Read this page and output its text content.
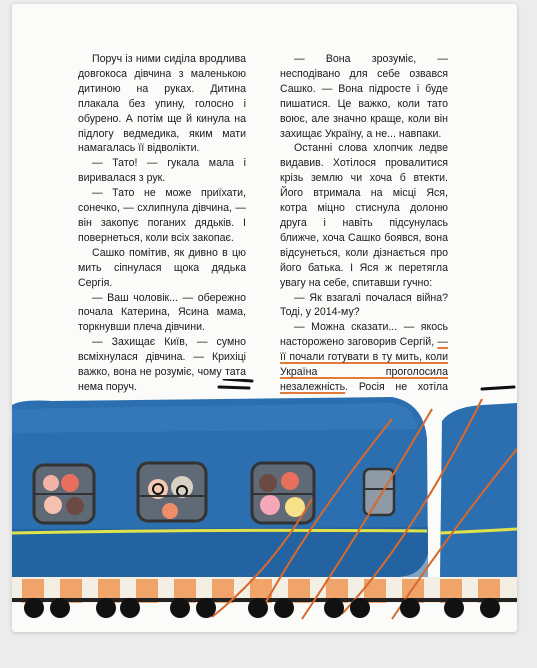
Поруч із ними сиділа вродлива довгокоса дівчина з маленькою дитиною на руках. Дитина плакала без упину, голосно і обурено. А потім ще й кинула на підлогу ведмедика, яким мати намагалась її відволікти.

— Тато! — гукала мала і виривалася з рук.

— Тато не може приїхати, сонечко, — схлипнула дівчина, — він закопує поганих дядьків. І повернеться, коли всіх закопає.

Сашко помітив, як дивно в цю мить сіпнулася щока дядька Сергія.

— Ваш чоловік... — обережно почала Катерина, Ясина мама, торкнувши плеча дівчини.

— Захищає Київ, — сумно всміхнулася дівчина. — Крихіці важко, вона не розуміє, чому тата нема поруч.

— Вона зрозуміє, — несподівано для себе озвався Сашко. — Вона підросте і буде пишатися. Це важко, коли тато воює, але значно краще, коли він захищає Україну, а не... навпаки.

Останні слова хлопчик ледве видавив. Хотілося провалитися крізь землю чи хоча б втекти. Його втримала на місці Яся, котра міцно стиснула долоню друга і навіть підсунулась ближче, хоча Сашко боявся, вона відсунеться, коли дізнається про його батька. І Яся ж перетягла увагу на себе, спитавши гучно:

— Як взагалі почалася війна? Тоді, у 2014-му?

— Можна сказати... — якось насторожено заговорив Сергій, — її почали готувати в ту мить, коли Україна проголосила незалежність. Росія не хотіла
